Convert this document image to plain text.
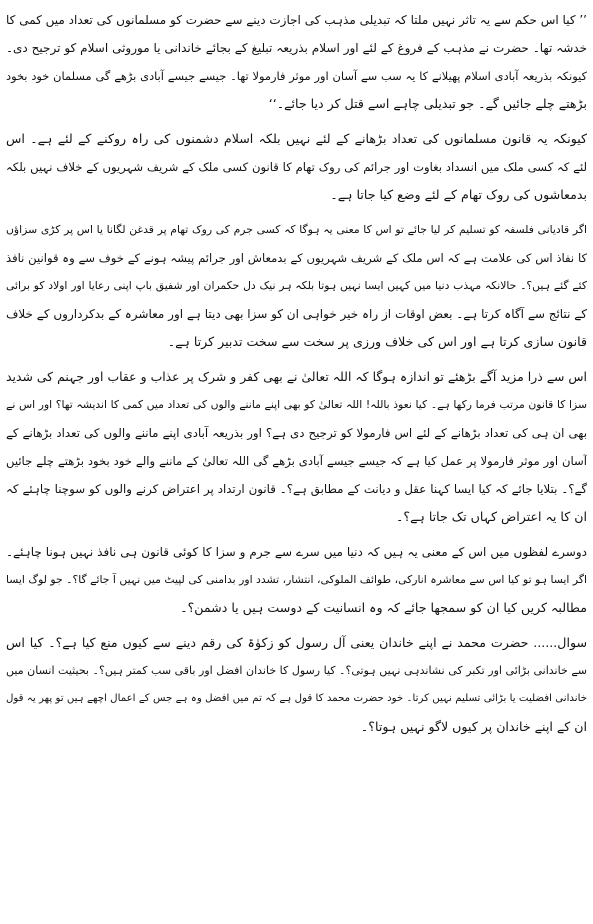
’’ کیا اس حکم سے یہ تاثر نہیں ملتا کہ تبدیلی مذہب کی اجازت دینے سے حضرت کو مسلمانوں کی تعداد میں کمی کا
خدشہ تھا۔ حضرت نے مذہب کے فروغ کے لئے اور اسلام بذریعہ تبلیغ کے بجائے خاندانی یا موروثی اسلام کو ترجیح دی۔
کیونکہ بذریعہ آبادی اسلام پھیلانے کا یہ سب سے آسان اور موثر فارمولا تھا۔ جیسے جیسے آبادی بڑھے گی مسلمان خود بخود
بڑھتے چلے جائیں گے۔ جو تبدیلی چاہے اسے قتل کر دیا جائے۔‘‘
کیونکہ یہ قانون مسلمانوں کی تعداد بڑھانے کے لئے نہیں بلکہ اسلام دشمنوں کی راہ روکنے کے لئے ہے۔ اس
لئے کہ کسی ملک میں انسداد بغاوت اور جرائم کی روک تھام کا قانون کسی ملک کے شریف شہریوں کے خلاف نہیں بلکہ
بدمعاشوں کی روک تھام کے لئے وضع کیا جاتا ہے۔
اگر قادیانی فلسفہ کو تسلیم کر لیا جائے تو اس کا معنی یہ ہوگا کہ کسی جرم کی روک تھام پر قدغن لگانا یا اس پر کڑی سزاؤں
کا نفاذ اس کی علامت ہے کہ اس ملک کے شریف شہریوں کے بدمعاش اور جرائم پیشہ ہونے کے خوف سے وہ قوانین نافذ
کئے گئے ہیں؟۔ حالانکہ مہذب دنیا میں کہیں ایسا نہیں ہوتا بلکہ ہر نیک دل حکمران اور شفیق باپ اپنی رعایا اور اولاد کو برائی
کے نتائج سے آگاہ کرتا ہے۔ بعض اوقات از راہ خیر خواہی ان کو سزا بھی دیتا ہے اور معاشرہ کے بدکرداروں کے خلاف
قانون سازی کرتا ہے اور اس کی خلاف ورزی پر سخت سے سخت تدبیر کرتا ہے۔
اس سے ذرا مزید آگے بڑھئے تو اندازہ ہوگا کہ اللہ تعالیٰ نے بھی کفر و شرک پر عذاب و عقاب اور جہنم کی شدید
سزا کا قانون مرتب فرما رکھا ہے۔ کیا نعوذ باللہ! اللہ تعالیٰ کو بھی اپنے ماننے والوں کی تعداد میں کمی کا اندیشہ تھا؟ اور اس نے
بھی ان ہی کی تعداد بڑھانے کے لئے اس فارمولا کو ترجیح دی ہے؟ اور بذریعہ آبادی اپنے ماننے والوں کی تعداد بڑھانے کے
آسان اور موثر فارمولا پر عمل کیا ہے کہ جیسے جیسے آبادی بڑھے گی اللہ تعالیٰ کے ماننے والے خود بخود بڑھتے چلے جائیں
گے؟۔ بتلایا جائے کہ کیا ایسا کہنا عقل و دیانت کے مطابق ہے؟۔ قانون ارتداد پر اعتراض کرنے والوں کو سوچنا چاہئے کہ
ان کا یہ اعتراض کہاں تک جاتا ہے؟۔
دوسرے لفظوں میں اس کے معنی یہ ہیں کہ دنیا میں سرے سے جرم و سزا کا کوئی قانون ہی نافذ نہیں ہونا چاہئے۔
اگر ایسا ہو تو کیا اس سے معاشرہ انارکی، طوائف الملوکی، انتشار، تشدد اور بدامنی کی لپیٹ میں نہیں آ جائے گا؟۔ جو لوگ ایسا
مطالبہ کریں کیا ان کو سمجھا جائے کہ وہ انسانیت کے دوست ہیں یا دشمن؟۔
سوال...... حضرت محمد نے اپنے خاندان یعنی آل رسول کو زکوٰۃ کی رقم دینے سے کیوں منع کیا ہے؟۔ کیا اس
سے خاندانی بڑائی اور تکبر کی نشاندہی نہیں ہوتی؟۔ کیا رسول کا خاندان افضل اور باقی سب کمتر ہیں؟۔ بحیثیت انسان میں
خاندانی افضلیت یا بڑائی تسلیم نہیں کرتا۔ خود حضرت محمد کا قول ہے کہ تم میں افضل وہ ہے جس کے اعمال اچھے ہیں تو پھر یہ قول
ان کے اپنے خاندان پر کیوں لاگو نہیں ہوتا؟۔
